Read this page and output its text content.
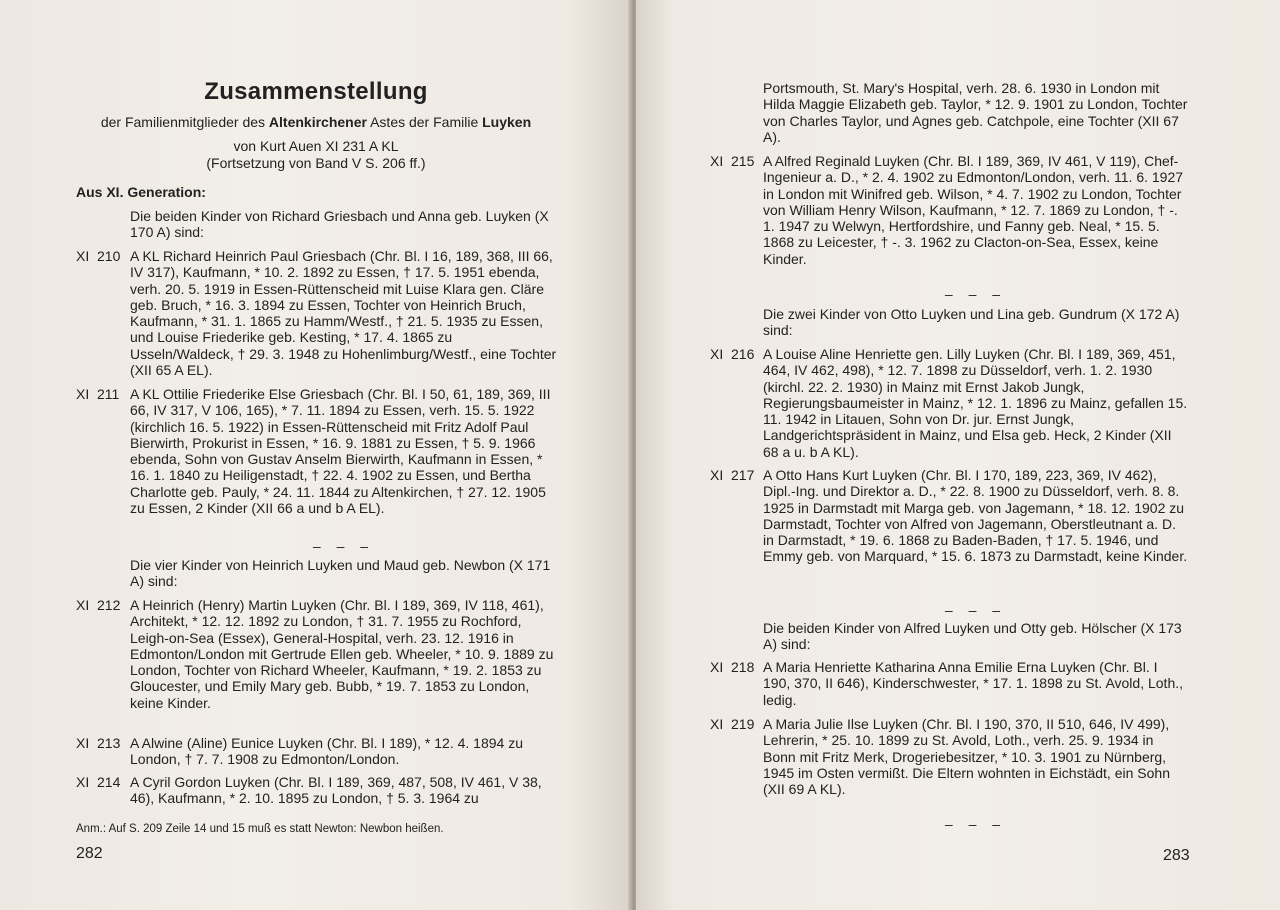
Zusammenstellung
der Familienmitglieder des Altenkirchener Astes der Familie Luyken
von Kurt Auen XI 231 A KL
(Fortsetzung von Band V S. 206 ff.)
Aus XI. Generation:
Die beiden Kinder von Richard Griesbach und Anna geb. Luyken (X 170 A) sind:
XI  210 A KL Richard Heinrich Paul Griesbach (Chr. Bl. I 16, 189, 368, III 66, IV 317), Kaufmann, * 10. 2. 1892 zu Essen, † 17. 5. 1951 ebenda, verh. 20. 5. 1919 in Essen-Rüttenscheid mit Luise Klara gen. Cläre geb. Bruch, * 16. 3. 1894 zu Essen, Tochter von Heinrich Bruch, Kaufmann, * 31. 1. 1865 zu Hamm/Westf., † 21. 5. 1935 zu Essen, und Louise Friederike geb. Kesting, * 17. 4. 1865 zu Usseln/Waldeck, † 29. 3. 1948 zu Hohenlimburg/Westf., eine Tochter (XII 65 A EL).
XI  211 A KL Ottilie Friederike Else Griesbach (Chr. Bl. I 50, 61, 189, 369, III 66, IV 317, V 106, 165), * 7. 11. 1894 zu Essen, verh. 15. 5. 1922 (kirchlich 16. 5. 1922) in Essen-Rüttenscheid mit Fritz Adolf Paul Bierwirth, Prokurist in Essen, * 16. 9. 1881 zu Essen, † 5. 9. 1966 ebenda, Sohn von Gustav Anselm Bierwirth, Kaufmann in Essen, * 16. 1. 1840 zu Heiligenstadt, † 22. 4. 1902 zu Essen, und Bertha Charlotte geb. Pauly, * 24. 11. 1844 zu Altenkirchen, † 27. 12. 1905 zu Essen, 2 Kinder (XII 66 a und b A EL).
– – –
Die vier Kinder von Heinrich Luyken und Maud geb. Newbon (X 171 A) sind:
XI  212 A Heinrich (Henry) Martin Luyken (Chr. Bl. I 189, 369, IV 118, 461), Architekt, * 12. 12. 1892 zu London, † 31. 7. 1955 zu Rochford, Leigh-on-Sea (Essex), General-Hospital, verh. 23. 12. 1916 in Edmonton/London mit Gertrude Ellen geb. Wheeler, * 10. 9. 1889 zu London, Tochter von Richard Wheeler, Kaufmann, * 19. 2. 1853 zu Gloucester, und Emily Mary geb. Bubb, * 19. 7. 1853 zu London, keine Kinder.
XI  213 A Alwine (Aline) Eunice Luyken (Chr. Bl. I 189), * 12. 4. 1894 zu London, † 7. 7. 1908 zu Edmonton/London.
XI  214 A Cyril Gordon Luyken (Chr. Bl. I 189, 369, 487, 508, IV 461, V 38, 46), Kaufmann, * 2. 10. 1895 zu London, † 5. 3. 1964 zu
Anm.: Auf S. 209 Zeile 14 und 15 muß es statt Newton: Newbon heißen.
282
Portsmouth, St. Mary's Hospital, verh. 28. 6. 1930 in London mit Hilda Maggie Elizabeth geb. Taylor, * 12. 9. 1901 zu London, Tochter von Charles Taylor, und Agnes geb. Catchpole, eine Tochter (XII 67 A).
XI  215 A Alfred Reginald Luyken (Chr. Bl. I 189, 369, IV 461, V 119), Chef-Ingenieur a. D., * 2. 4. 1902 zu Edmonton/London, verh. 11. 6. 1927 in London mit Winifred geb. Wilson, * 4. 7. 1902 zu London, Tochter von William Henry Wilson, Kaufmann, * 12. 7. 1869 zu London, † -. 1. 1947 zu Welwyn, Hertfordshire, und Fanny geb. Neal, * 15. 5. 1868 zu Leicester, † -. 3. 1962 zu Clacton-on-Sea, Essex, keine Kinder.
– – –
Die zwei Kinder von Otto Luyken und Lina geb. Gundrum (X 172 A) sind:
XI  216 A Louise Aline Henriette gen. Lilly Luyken (Chr. Bl. I 189, 369, 451, 464, IV 462, 498), * 12. 7. 1898 zu Düsseldorf, verh. 1. 2. 1930 (kirchl. 22. 2. 1930) in Mainz mit Ernst Jakob Jungk, Regierungsbaumeister in Mainz, * 12. 1. 1896 zu Mainz, gefallen 15. 11. 1942 in Litauen, Sohn von Dr. jur. Ernst Jungk, Landgerichtspräsident in Mainz, und Elsa geb. Heck, 2 Kinder (XII 68 a u. b A KL).
XI  217 A Otto Hans Kurt Luyken (Chr. Bl. I 170, 189, 223, 369, IV 462), Dipl.-Ing. und Direktor a. D., * 22. 8. 1900 zu Düsseldorf, verh. 8. 8. 1925 in Darmstadt mit Marga geb. von Jagemann, * 18. 12. 1902 zu Darmstadt, Tochter von Alfred von Jagemann, Oberstleutnant a. D. in Darmstadt, * 19. 6. 1868 zu Baden-Baden, † 17. 5. 1946, und Emmy geb. von Marquard, * 15. 6. 1873 zu Darmstadt, keine Kinder.
– – –
Die beiden Kinder von Alfred Luyken und Otty geb. Hölscher (X 173 A) sind:
XI  218 A Maria Henriette Katharina Anna Emilie Erna Luyken (Chr. Bl. I 190, 370, II 646), Kinderschwester, * 17. 1. 1898 zu St. Avold, Loth., ledig.
XI  219 A Maria Julie Ilse Luyken (Chr. Bl. I 190, 370, II 510, 646, IV 499), Lehrerin, * 25. 10. 1899 zu St. Avold, Loth., verh. 25. 9. 1934 in Bonn mit Fritz Merk, Drogeriebesitzer, * 10. 3. 1901 zu Nürnberg, 1945 im Osten vermißt. Die Eltern wohnten in Eichstädt, ein Sohn (XII 69 A KL).
– – –
283
